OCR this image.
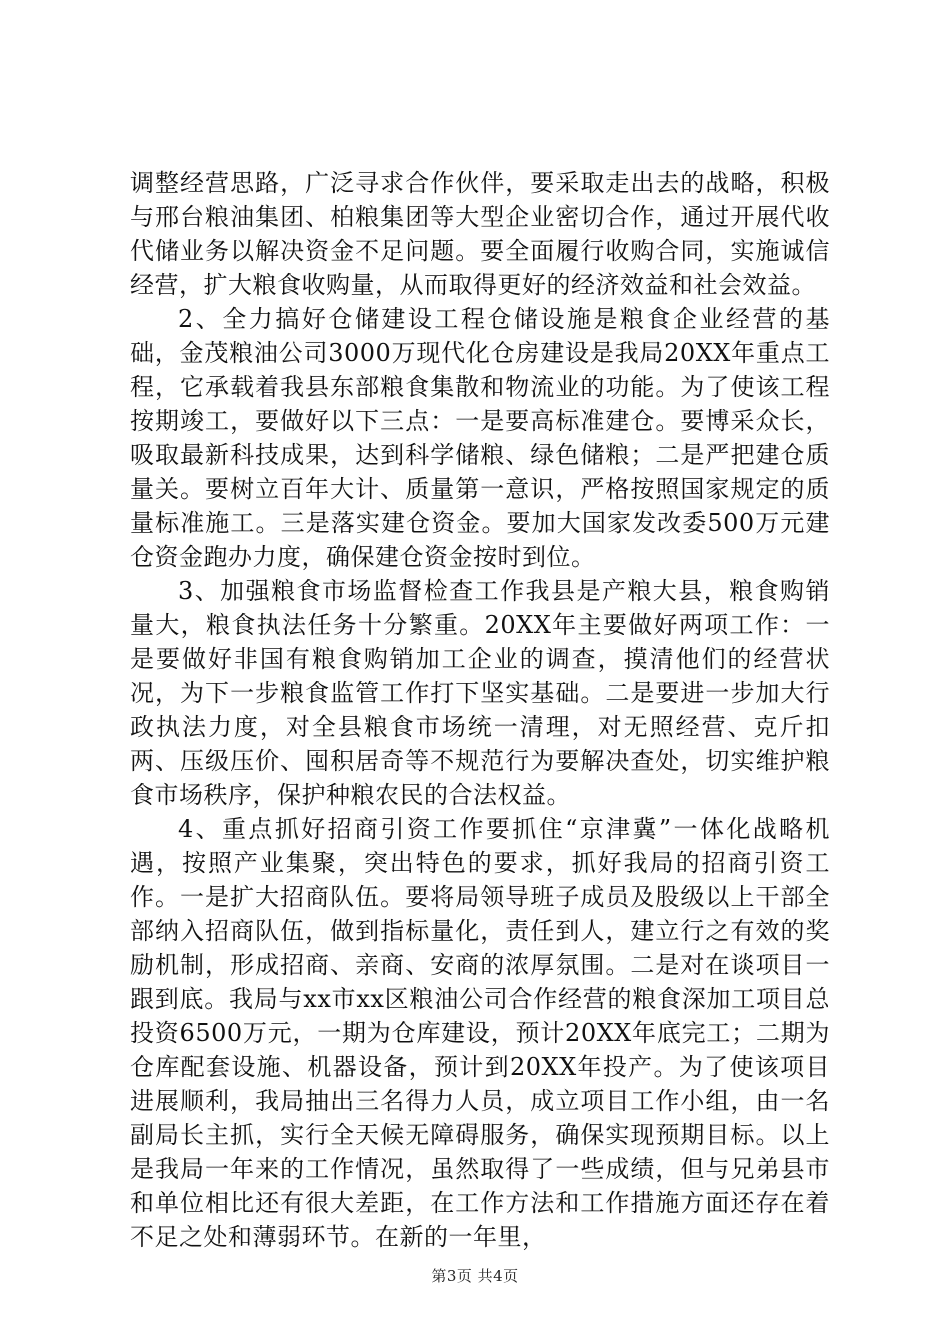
调整经营思路，广泛寻求合作伙伴，要采取走出去的战略，积极与邢台粮油集团、柏粮集团等大型企业密切合作，通过开展代收代储业务以解决资金不足问题。要全面履行收购合同，实施诚信经营，扩大粮食收购量，从而取得更好的经济效益和社会效益。

2、全力搞好仓储建设工程仓储设施是粮食企业经营的基础，金茂粮油公司3000万现代化仓房建设是我局20XX年重点工程，它承载着我县东部粮食集散和物流业的功能。为了使该工程按期竣工，要做好以下三点：一是要高标准建仓。要博采众长，吸取最新科技成果，达到科学储粮、绿色储粮；二是严把建仓质量关。要树立百年大计、质量第一意识，严格按照国家规定的质量标准施工。三是落实建仓资金。要加大国家发改委500万元建仓资金跑办力度，确保建仓资金按时到位。

3、加强粮食市场监督检查工作我县是产粮大县，粮食购销量大，粮食执法任务十分繁重。20XX年主要做好两项工作：一是要做好非国有粮食购销加工企业的调查，摸清他们的经营状况，为下一步粮食监管工作打下坚实基础。二是要进一步加大行政执法力度，对全县粮食市场统一清理，对无照经营、克斤扣两、压级压价、囤积居奇等不规范行为要解决查处，切实维护粮食市场秩序，保护种粮农民的合法权益。

4、重点抓好招商引资工作要抓住“京津冀”一体化战略机遇，按照产业集聚，突出特色的要求，抓好我局的招商引资工作。一是扩大招商队伍。要将局领导班子成员及股级以上干部全部纳入招商队伍，做到指标量化，责任到人，建立行之有效的奖励机制，形成招商、亲商、安商的浓厚氛围。二是对在谈项目一跟到底。我局与xx市xx区粮油公司合作经营的粮食深加工项目总投资6500万元，一期为仓库建设，预计20XX年底完工；二期为仓库配套设施、机器设备，预计到20XX年投产。为了使该项目进展顺利，我局抽出三名得力人员，成立项目工作小组，由一名副局长主抓，实行全天候无障碍服务，确保实现预期目标。以上是我局一年来的工作情况，虽然取得了一些成绩，但与兄弟县市和单位相比还有很大差距，在工作方法和工作措施方面还存在着不足之处和薄弱环节。在新的一年里，

第3页 共4页
